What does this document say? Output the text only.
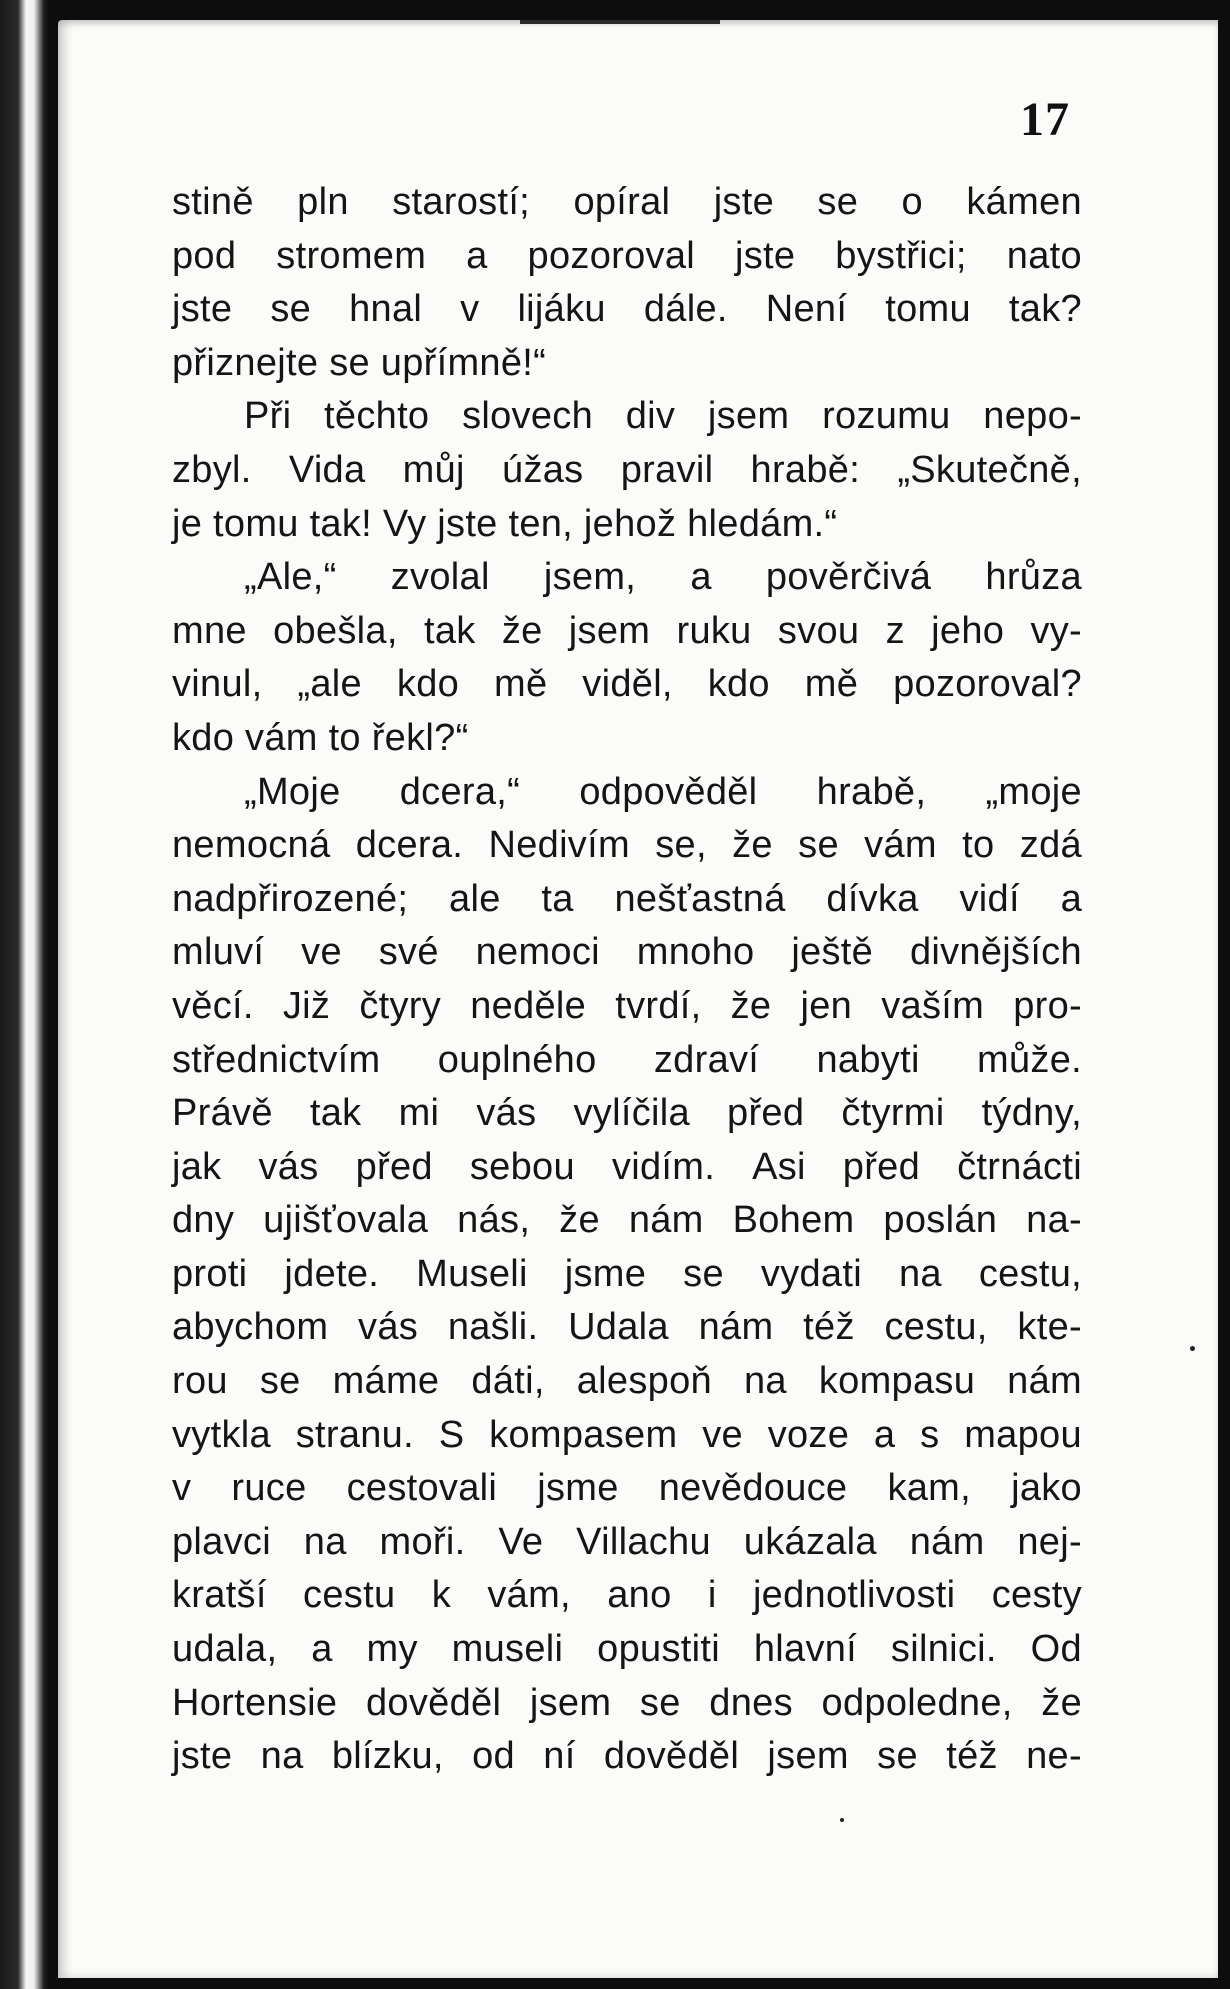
17
stině pln starostí; opíral jste se o kámen
pod stromem a pozoroval jste bystřici; nato
jste se hnal v lijáku dále. Není tomu tak?
přiznejte se upřímně!“
Při těchto slovech div jsem rozumu nepo-
zbyl. Vida můj úžas pravil hrabě: „Skutečně,
je tomu tak! Vy jste ten, jehož hledám.“
„Ale,“ zvolal jsem, a pověrčivá hrůza
mne obešla, tak že jsem ruku svou z jeho vy-
vinul, „ale kdo mě viděl, kdo mě pozoroval?
kdo vám to řekl?“
„Moje dcera,“ odpověděl hrabě, „moje
nemocná dcera. Nedivím se, že se vám to zdá
nadpřirozené; ale ta nešťastná dívka vidí a
mluví ve své nemoci mnoho ještě divnějších
věcí. Již čtyry neděle tvrdí, že jen vaším pro-
střednictvím ouplného zdraví nabyti může.
Právě tak mi vás vylíčila před čtyrmi týdny,
jak vás před sebou vidím. Asi před čtrnácti
dny ujišťovala nás, že nám Bohem poslán na-
proti jdete. Museli jsme se vydati na cestu,
abychom vás našli. Udala nám též cestu, kte-
rou se máme dáti, alespoň na kompasu nám
vytkla stranu. S kompasem ve voze a s mapou
v ruce cestovali jsme nevědouce kam, jako
plavci na moři. Ve Villachu ukázala nám nej-
kratší cestu k vám, ano i jednotlivosti cesty
udala, a my museli opustiti hlavní silnici. Od
Hortensie dověděl jsem se dnes odpoledne, že
jste na blízku, od ní dověděl jsem se též ne-
